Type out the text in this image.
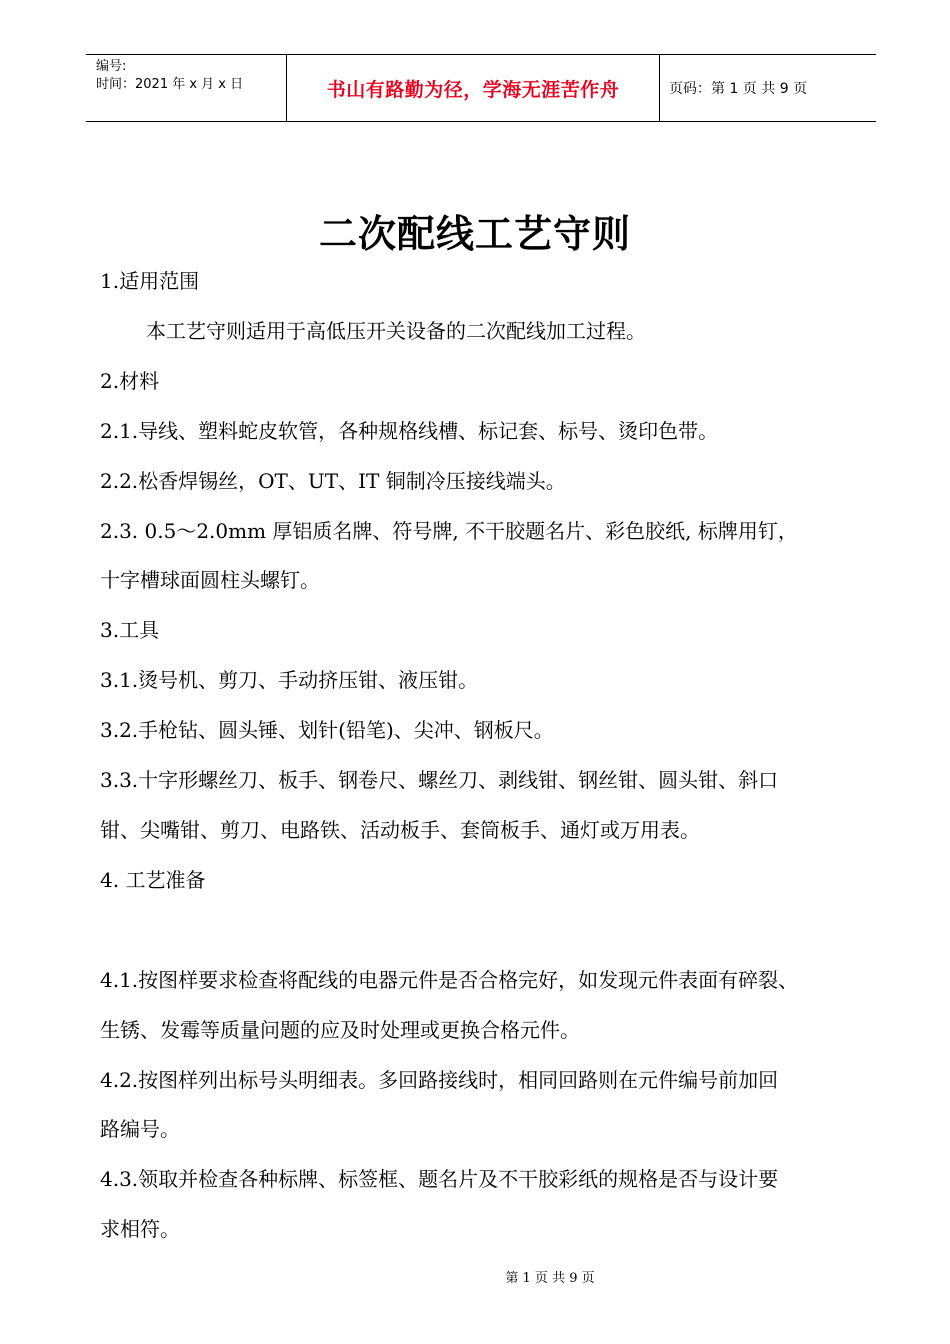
编号:
时间：2021 年 x 月 x 日	书山有路勤为径，学海无涯苦作舟	页码：第 1 页 共 9 页
二次配线工艺守则
1.适用范围
本工艺守则适用于高低压开关设备的二次配线加工过程。
2.材料
2.1.导线、塑料蛇皮软管，各种规格线槽、标记套、标号、烫印色带。
2.2.松香焊锡丝，OT、UT、IT 铜制冷压接线端头。
2.3. 0.5～2.0mm 厚铝质名牌、符号牌, 不干胶题名片、彩色胶纸, 标牌用钉，
十字槽球面圆柱头螺钉。
3.工具
3.1.烫号机、剪刀、手动挤压钳、液压钳。
3.2.手枪钻、圆头锤、划针(铅笔)、尖冲、钢板尺。
3.3.十字形螺丝刀、板手、钢卷尺、螺丝刀、剥线钳、钢丝钳、圆头钳、斜口
钳、尖嘴钳、剪刀、电路铁、活动板手、套筒板手、通灯或万用表。
4. 工艺准备
4.1.按图样要求检查将配线的电器元件是否合格完好，如发现元件表面有碎裂、
生锈、发霉等质量问题的应及时处理或更换合格元件。
4.2.按图样列出标号头明细表。多回路接线时，相同回路则在元件编号前加回
路编号。
4.3.领取并检查各种标牌、标签框、题名片及不干胶彩纸的规格是否与设计要
求相符。
第 1 页 共 9 页
